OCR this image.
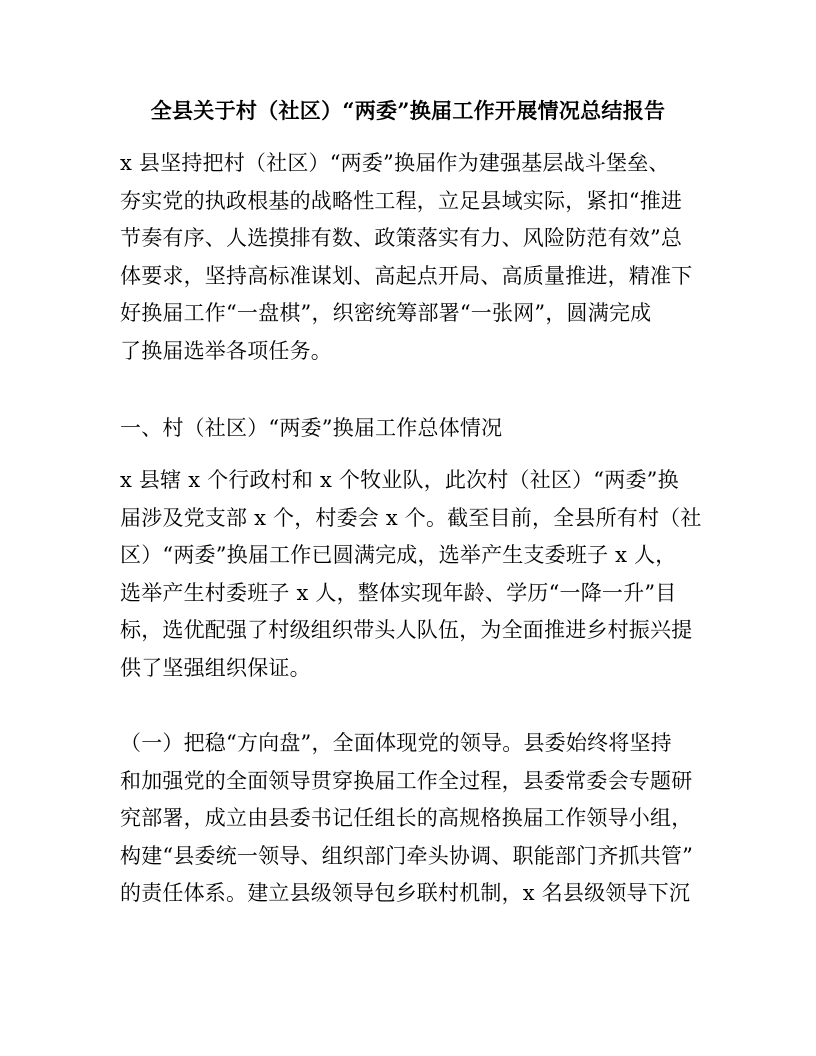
全县关于村（社区）“两委”换届工作开展情况总结报告
x 县坚持把村（社区）“两委”换届作为建强基层战斗堡垒、
夯实党的执政根基的战略性工程，立足县域实际，紧扣“推进
节奏有序、人选摸排有数、政策落实有力、风险防范有效”总
体要求，坚持高标准谋划、高起点开局、高质量推进，精准下
好换届工作“一盘棋”，织密统筹部署“一张网”，圆满完成
了换届选举各项任务。
一、村（社区）“两委”换届工作总体情况
x 县辖 x 个行政村和 x 个牧业队，此次村（社区）“两委”换
届涉及党支部 x 个，村委会 x 个。截至目前，全县所有村（社
区）“两委”换届工作已圆满完成，选举产生支委班子 x 人，
选举产生村委班子 x 人，整体实现年龄、学历“一降一升”目
标，选优配强了村级组织带头人队伍，为全面推进乡村振兴提
供了坚强组织保证。
（一）把稳“方向盘”，全面体现党的领导。县委始终将坚持
和加强党的全面领导贯穿换届工作全过程，县委常委会专题研
究部署，成立由县委书记任组长的高规格换届工作领导小组，
构建“县委统一领导、组织部门牵头协调、职能部门齐抓共管”
的责任体系。建立县级领导包乡联村机制，x 名县级领导下沉
